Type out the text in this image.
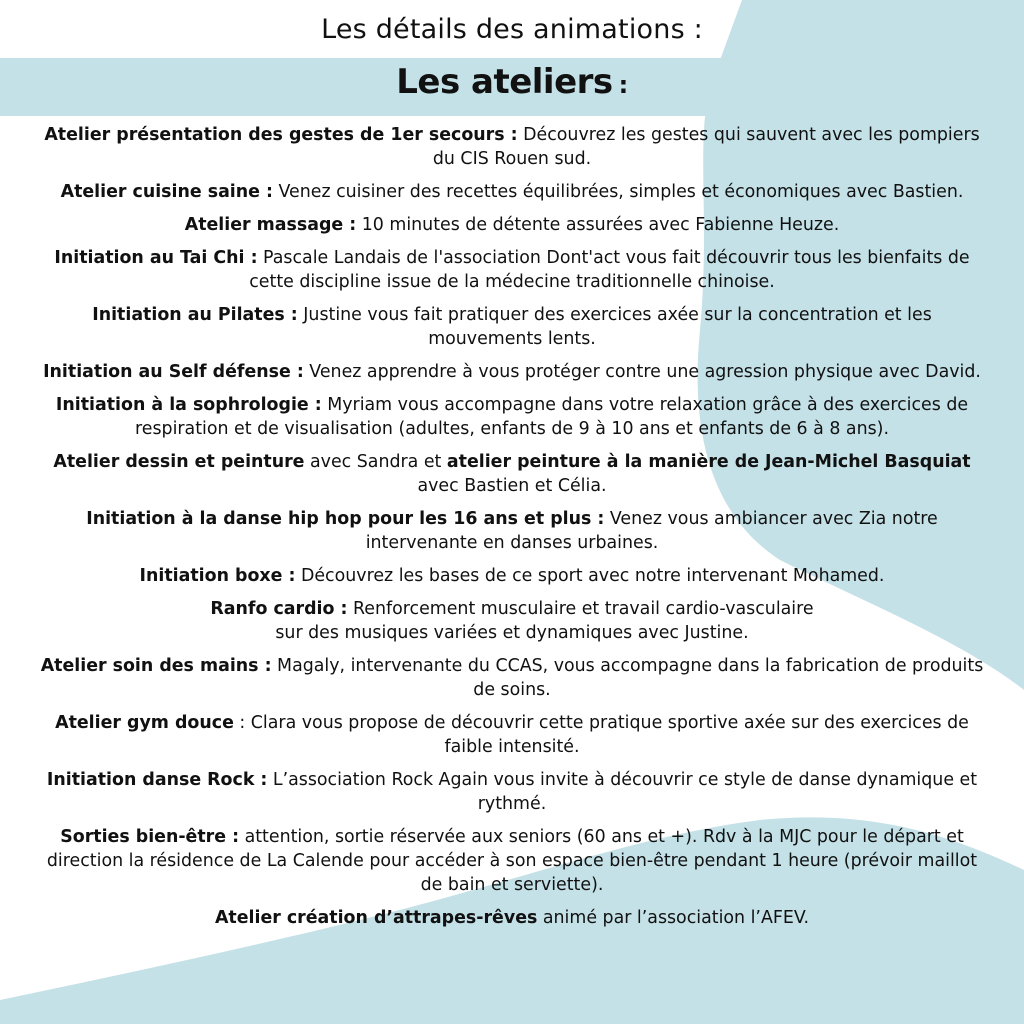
Les détails des animations :
Les ateliers :

Atelier présentation des gestes de 1er secours : Découvrez les gestes qui sauvent avec les pompiers du CIS Rouen sud.

Atelier cuisine saine : Venez cuisiner des recettes équilibrées, simples et économiques avec Bastien.

Atelier massage : 10 minutes de détente assurées avec Fabienne Heuze.

Initiation au Tai Chi : Pascale Landais de l'association Dont'act vous fait découvrir tous les bienfaits de cette discipline issue de la médecine traditionnelle chinoise.

Initiation au Pilates : Justine vous fait pratiquer des exercices axée sur la concentration et les mouvements lents.

Initiation au Self défense : Venez apprendre à vous protéger contre une agression physique avec David.

Initiation à la sophrologie : Myriam vous accompagne dans votre relaxation grâce à des exercices de respiration et de visualisation (adultes, enfants de 9 à 10 ans et enfants de 6 à 8 ans).

Atelier dessin et peinture avec Sandra et atelier peinture à la manière de Jean-Michel Basquiat avec Bastien et Célia.

Initiation à la danse hip hop pour les 16 ans et plus : Venez vous ambiancer avec Zia notre intervenante en danses urbaines.

Initiation boxe : Découvrez les bases de ce sport avec notre intervenant Mohamed.

Ranfo cardio : Renforcement musculaire et travail cardio-vasculaire
sur des musiques variées et dynamiques avec Justine.

Atelier soin des mains : Magaly, intervenante du CCAS, vous accompagne dans la fabrication de produits de soins.

Atelier gym douce : Clara vous propose de découvrir cette pratique sportive axée sur des exercices de faible intensité.

Initiation danse Rock : L’association Rock Again vous invite à découvrir ce style de danse dynamique et rythmé.

Sorties bien-être : attention, sortie réservée aux seniors (60 ans et +). Rdv à la MJC pour le départ et direction la résidence de La Calende pour accéder à son espace bien-être pendant 1 heure (prévoir maillot de bain et serviette).

Atelier création d’attrapes-rêves animé par l’association l’AFEV.
